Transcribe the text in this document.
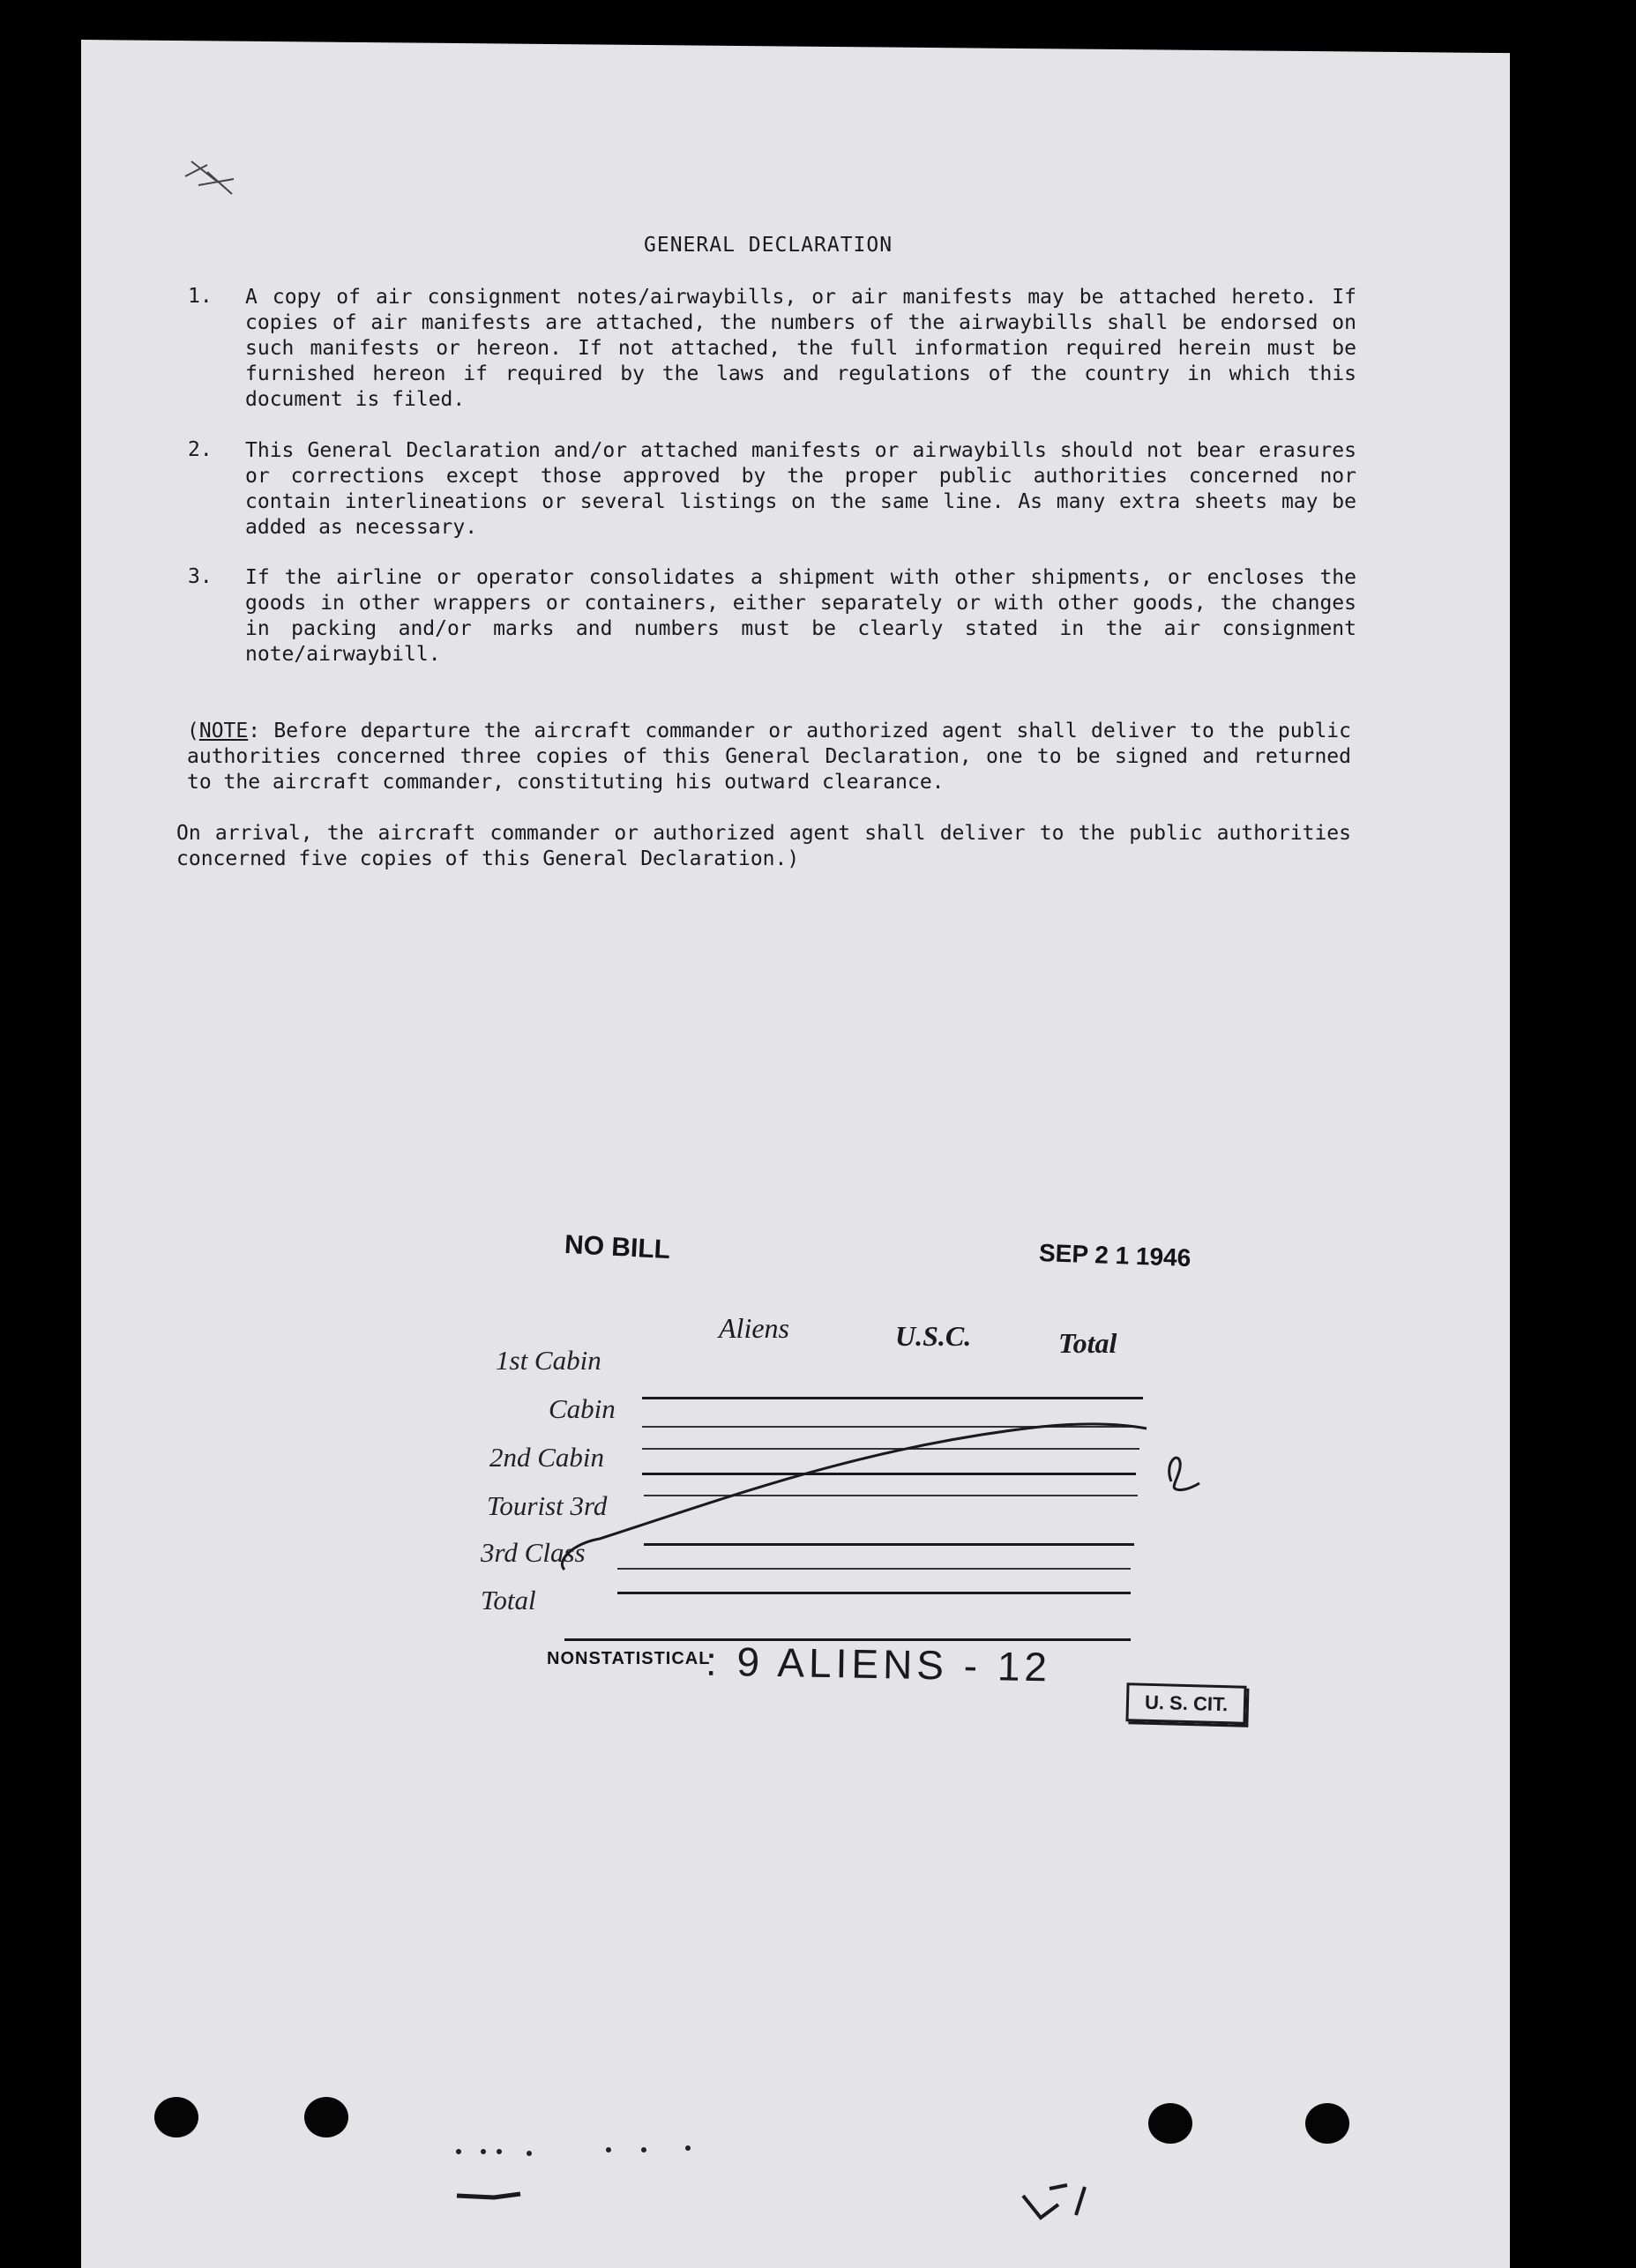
GENERAL DECLARATION
1. A copy of air consignment notes/airwaybills, or air manifests may be attached hereto. If copies of air manifests are attached, the numbers of the airwaybills shall be endorsed on such manifests or hereon. If not attached, the full information required herein must be furnished hereon if required by the laws and regulations of the country in which this document is filed.

2. This General Declaration and/or attached manifests or airwaybills should not bear erasures or corrections except those approved by the proper public authorities concerned nor contain interlineations or several listings on the same line. As many extra sheets may be added as necessary.

3. If the airline or operator consolidates a shipment with other shipments, or encloses the goods in other wrappers or containers, either separately or with other goods, the changes in packing and/or marks and numbers must be clearly stated in the air consignment note/airwaybill.

(NOTE: Before departure the aircraft commander or authorized agent shall deliver to the public authorities concerned three copies of this General Declaration, one to be signed and returned to the aircraft commander, constituting his outward clearance.

On arrival, the aircraft commander or authorized agent shall deliver to the public authorities concerned five copies of this General Declaration.)

NO BILL	SEP 2 1 1946
Aliens	U.S.C.	Total
1st Cabin
Cabin
2nd Cabin
Tourist 3rd
3rd Class
Total
NONSTATISTICAL
: 9 ALIENS - 12
U. S. CIT.
